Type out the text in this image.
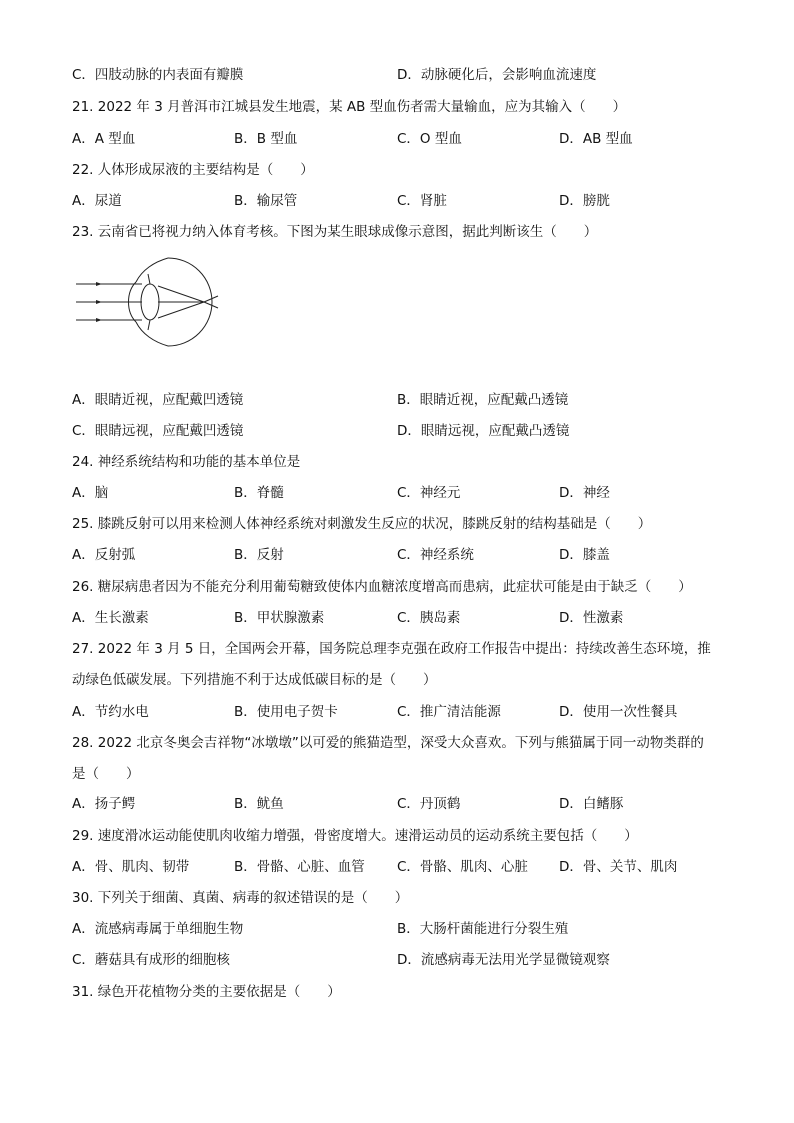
C．四肢动脉的内表面有瓣膜	D．动脉硬化后，会影响血流速度
21. 2022 年 3 月普洱市江城县发生地震，某 AB 型血伤者需大量输血，应为其输入（　　）
A．A 型血	B．B 型血	C．O 型血	D．AB 型血
22. 人体形成尿液的主要结构是（　　）
A．尿道	B．输尿管	C．肾脏	D．膀胱
23. 云南省已将视力纳入体育考核。下图为某生眼球成像示意图，据此判断该生（　　）
A．眼睛近视，应配戴凹透镜	B．眼睛近视，应配戴凸透镜
C．眼睛远视，应配戴凹透镜	D．眼睛远视，应配戴凸透镜
24. 神经系统结构和功能的基本单位是
A．脑	B．脊髓	C．神经元	D．神经
25. 膝跳反射可以用来检测人体神经系统对刺激发生反应的状况，膝跳反射的结构基础是（　　）
A．反射弧	B．反射	C．神经系统	D．膝盖
26. 糖尿病患者因为不能充分利用葡萄糖致使体内血糖浓度增高而患病，此症状可能是由于缺乏（　　）
A．生长激素	B．甲状腺激素	C．胰岛素	D．性激素
27. 2022 年 3 月 5 日，全国两会开幕，国务院总理李克强在政府工作报告中提出：持续改善生态环境，推
动绿色低碳发展。下列措施不利于达成低碳目标的是（　　）
A．节约水电	B．使用电子贺卡	C．推广清洁能源	D．使用一次性餐具
28. 2022 北京冬奥会吉祥物“冰墩墩”以可爱的熊猫造型，深受大众喜欢。下列与熊猫属于同一动物类群的
是（　　）
A．扬子鳄	B．鱿鱼	C．丹顶鹤	D．白鳍豚
29. 速度滑冰运动能使肌肉收缩力增强，骨密度增大。速滑运动员的运动系统主要包括（　　）
A．骨、肌肉、韧带	B．骨骼、心脏、血管 C．骨骼、肌肉、心脏 D．骨、关节、肌肉
30. 下列关于细菌、真菌、病毒的叙述错误的是（　　）
A．流感病毒属于单细胞生物	B．大肠杆菌能进行分裂生殖
C．蘑菇具有成形的细胞核	D．流感病毒无法用光学显微镜观察
31. 绿色开花植物分类的主要依据是（　　）
